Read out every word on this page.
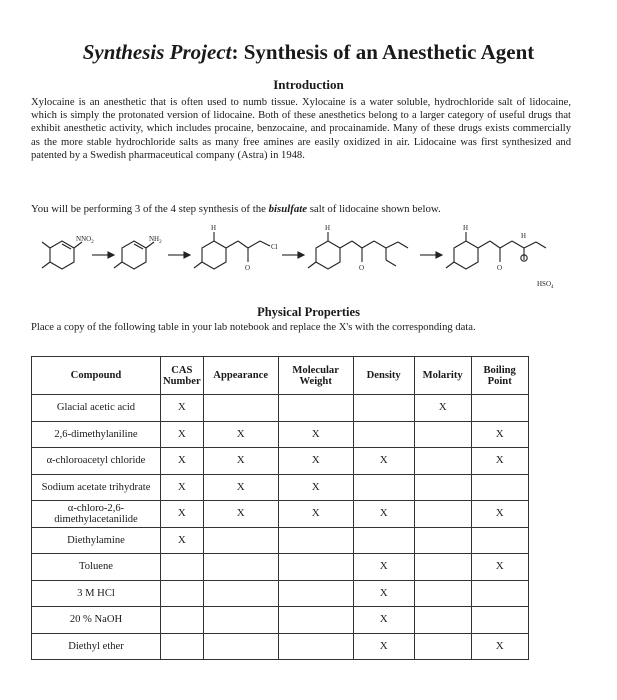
Synthesis Project: Synthesis of an Anesthetic Agent
Introduction
Xylocaine is an anesthetic that is often used to numb tissue. Xylocaine is a water soluble, hydrochloride salt of lidocaine, which is simply the protonated version of lidocaine. Both of these anesthetics belong to a larger category of useful drugs that exhibit anesthetic activity, which includes procaine, benzocaine, and procainamide. Many of these drugs exists commercially as the more stable hydrochloride salts as many free amines are easily oxidized in air. Lidocaine was first synthesized and patented by a Swedish pharmaceutical company (Astra) in 1948.
You will be performing 3 of the 4 step synthesis of the bisulfate salt of lidocaine shown below.
$NNO_2$	$NH_2$
Cl
O
H
O
H
O
H
H
$HSO_4$
Physical Properties
Place a copy of the following table in your lab notebook and replace the X's with the corresponding data.
Compound	CAS Number	Appearance	Molecular Weight	Density	Molarity	Boiling Point
Glacial acetic acid	X				X	
2,6-dimethylaniline	X	X	X			X
α-chloroacetyl chloride	X	X	X	X		X
Sodium acetate trihydrate	X	X	X			
α-chloro-2,6-dimethylacetanilide	X	X	X	X		X
Diethylamine	X					
Toluene				X		X
3 M HCl				X		
20 % NaOH				X		
Diethyl ether				X		X
